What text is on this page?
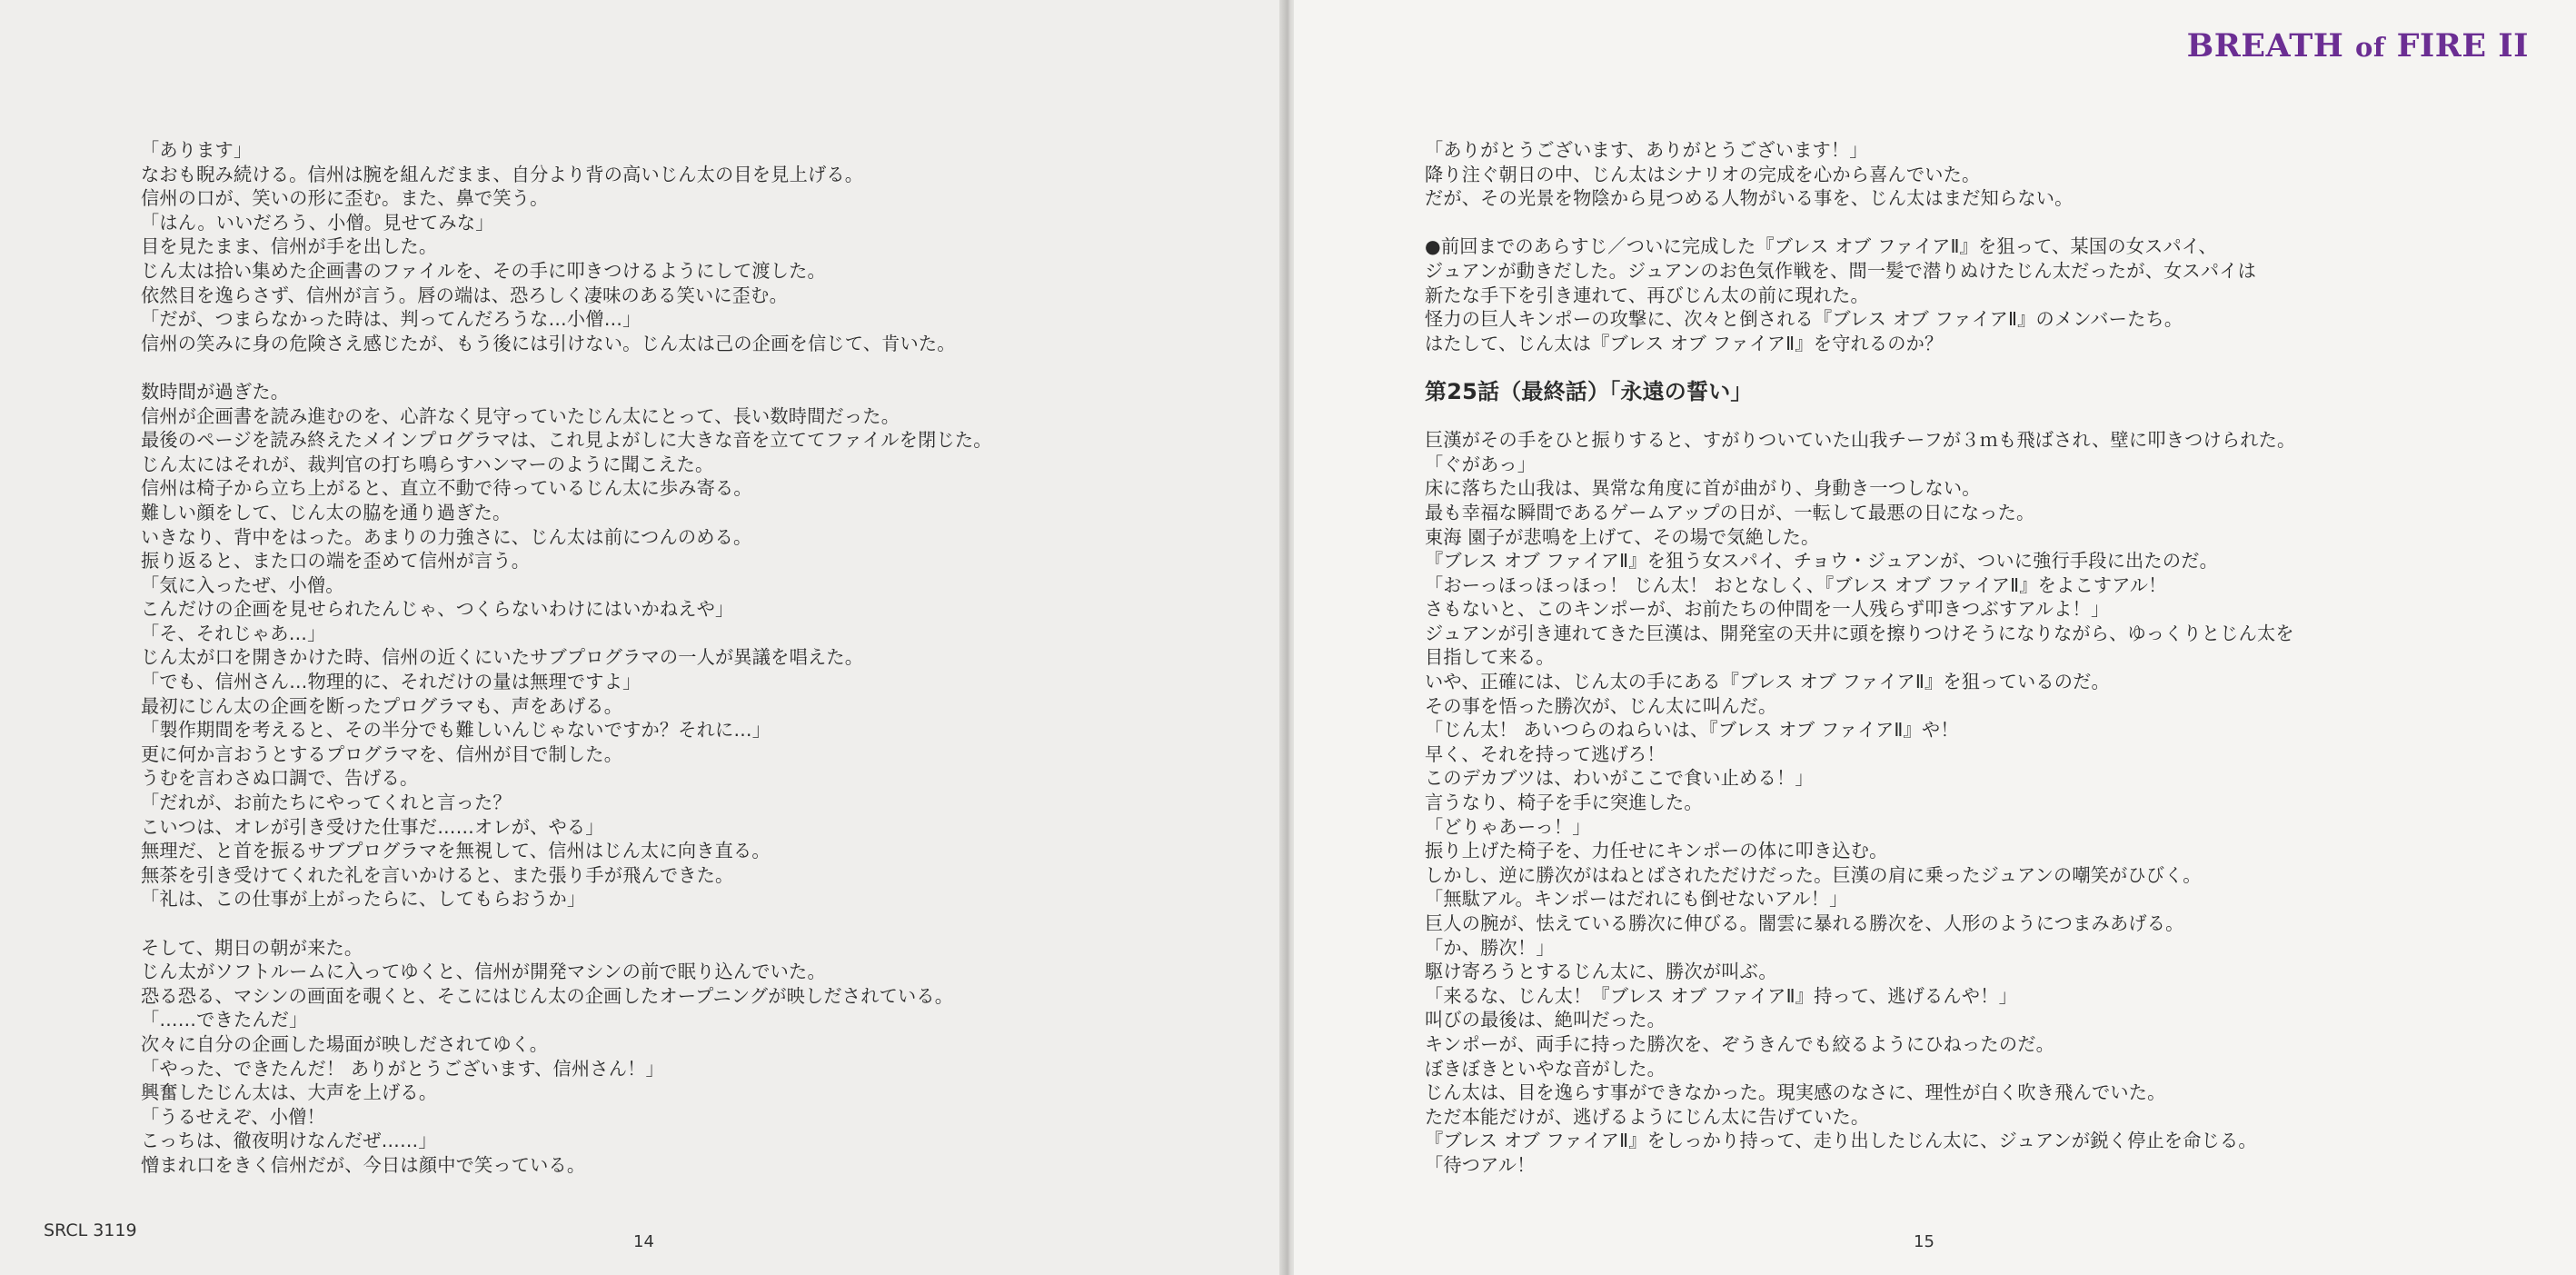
「あります」
なおも睨み続ける。信州は腕を組んだまま、自分より背の高いじん太の目を見上げる。
信州の口が、笑いの形に歪む。また、鼻で笑う。
「はん。いいだろう、小僧。見せてみな」
目を見たまま、信州が手を出した。
じん太は拾い集めた企画書のファイルを、その手に叩きつけるようにして渡した。
依然目を逸らさず、信州が言う。唇の端は、恐ろしく凄味のある笑いに歪む。
「だが、つまらなかった時は、判ってんだろうな…小僧…」
信州の笑みに身の危険さえ感じたが、もう後には引けない。じん太は己の企画を信じて、肯いた。
数時間が過ぎた。
信州が企画書を読み進むのを、心許なく見守っていたじん太にとって、長い数時間だった。
最後のページを読み終えたメインプログラマは、これ見よがしに大きな音を立ててファイルを閉じた。
じん太にはそれが、裁判官の打ち鳴らすハンマーのように聞こえた。
信州は椅子から立ち上がると、直立不動で待っているじん太に歩み寄る。
難しい顔をして、じん太の脇を通り過ぎた。
いきなり、背中をはった。あまりの力強さに、じん太は前につんのめる。
振り返ると、また口の端を歪めて信州が言う。
「気に入ったぜ、小僧。
こんだけの企画を見せられたんじゃ、つくらないわけにはいかねえや」
「そ、それじゃあ…」
じん太が口を開きかけた時、信州の近くにいたサブプログラマの一人が異議を唱えた。
「でも、信州さん…物理的に、それだけの量は無理ですよ」
最初にじん太の企画を断ったプログラマも、声をあげる。
「製作期間を考えると、その半分でも難しいんじゃないですか？それに…」
更に何か言おうとするプログラマを、信州が目で制した。
うむを言わさぬ口調で、告げる。
「だれが、お前たちにやってくれと言った？
こいつは、オレが引き受けた仕事だ……オレが、やる」
無理だ、と首を振るサブプログラマを無視して、信州はじん太に向き直る。
無茶を引き受けてくれた礼を言いかけると、また張り手が飛んできた。
「礼は、この仕事が上がったらに、してもらおうか」
そして、期日の朝が来た。
じん太がソフトルームに入ってゆくと、信州が開発マシンの前で眠り込んでいた。
恐る恐る、マシンの画面を覗くと、そこにはじん太の企画したオープニングが映しだされている。
「……できたんだ」
次々に自分の企画した場面が映しだされてゆく。
「やった、できたんだ！ ありがとうございます、信州さん！」
興奮したじん太は、大声を上げる。
「うるせえぞ、小僧！
こっちは、徹夜明けなんだぜ……」
憎まれ口をきく信州だが、今日は顔中で笑っている。
SRCL 3119
14
BREATH of FIRE II
「ありがとうございます、ありがとうございます！」
降り注ぐ朝日の中、じん太はシナリオの完成を心から喜んでいた。
だが、その光景を物陰から見つめる人物がいる事を、じん太はまだ知らない。
●前回までのあらすじ／ついに完成した『ブレス オブ ファイアⅡ』を狙って、某国の女スパイ、
ジュアンが動きだした。ジュアンのお色気作戦を、間一髪で潜りぬけたじん太だったが、女スパイは
新たな手下を引き連れて、再びじん太の前に現れた。
怪力の巨人キンポーの攻撃に、次々と倒される『ブレス オブ ファイアⅡ』のメンバーたち。
はたして、じん太は『ブレス オブ ファイアⅡ』を守れるのか？
第25話（最終話）「永遠の誓い」
巨漢がその手をひと振りすると、すがりついていた山我チーフが３ｍも飛ばされ、壁に叩きつけられた。
「ぐがあっ」
床に落ちた山我は、異常な角度に首が曲がり、身動き一つしない。
最も幸福な瞬間であるゲームアップの日が、一転して最悪の日になった。
東海 園子が悲鳴を上げて、その場で気絶した。
『ブレス オブ ファイアⅡ』を狙う女スパイ、チョウ・ジュアンが、ついに強行手段に出たのだ。
「おーっほっほっほっ！ じん太！ おとなしく、『ブレス オブ ファイアⅡ』をよこすアル！
さもないと、このキンポーが、お前たちの仲間を一人残らず叩きつぶすアルよ！」
ジュアンが引き連れてきた巨漢は、開発室の天井に頭を擦りつけそうになりながら、ゆっくりとじん太を
目指して来る。
いや、正確には、じん太の手にある『ブレス オブ ファイアⅡ』を狙っているのだ。
その事を悟った勝次が、じん太に叫んだ。
「じん太！ あいつらのねらいは、『ブレス オブ ファイアⅡ』や！
早く、それを持って逃げろ！
このデカブツは、わいがここで食い止める！」
言うなり、椅子を手に突進した。
「どりゃあーっ！」
振り上げた椅子を、力任せにキンポーの体に叩き込む。
しかし、逆に勝次がはねとばされただけだった。巨漢の肩に乗ったジュアンの嘲笑がひびく。
「無駄アル。キンポーはだれにも倒せないアル！」
巨人の腕が、怯えている勝次に伸びる。闇雲に暴れる勝次を、人形のようにつまみあげる。
「か、勝次！」
駆け寄ろうとするじん太に、勝次が叫ぶ。
「来るな、じん太！『ブレス オブ ファイアⅡ』持って、逃げるんや！」
叫びの最後は、絶叫だった。
キンポーが、両手に持った勝次を、ぞうきんでも絞るようにひねったのだ。
ぼきぼきといやな音がした。
じん太は、目を逸らす事ができなかった。現実感のなさに、理性が白く吹き飛んでいた。
ただ本能だけが、逃げるようにじん太に告げていた。
『ブレス オブ ファイアⅡ』をしっかり持って、走り出したじん太に、ジュアンが鋭く停止を命じる。
「待つアル！
15
